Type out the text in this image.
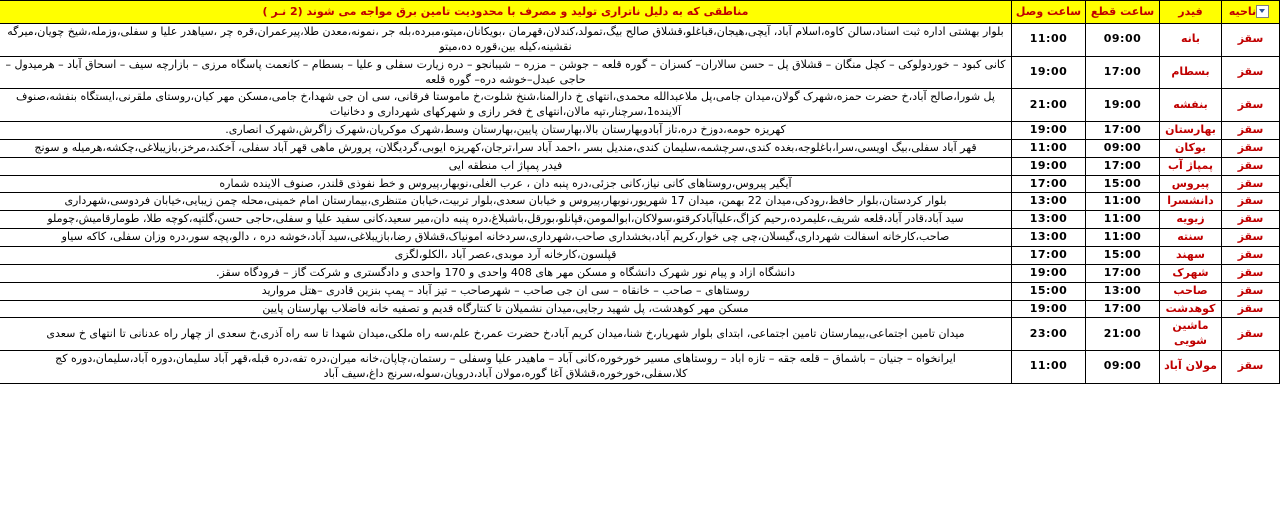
ناحیه	فیدر	ساعت قطع	ساعت وصل	مناطقی که به دلیل ناتراری تولید و مصرف با محدودیت تامین برق مواجه می شوند (2 نـر )
سقز	بانه	09:00	11:00	بلوار بهشتی اداره ثبت اسناد،سالن کاوه،اسلام آباد، آیچی،هیجان،قباغلو،قشلاق صالح بیگ،تمولد،کندلان،قهرمان ،بویکانان،میتو،مبرده،بله جر ،نمونه،معدن طلا،پیرعمران،قره چر ،سیاهدر علیا و سفلی،وزمله،شیخ چویان،میرگه نقشینه،کیله بین،قوره ده،میتو
سقز	بسطام	17:00	19:00	کانی کبود – خوردولوکی – کچل منگان – قشلاق پل – حسن سالاران– کسزان – گوره قلعه – جوشن – مزره – شیبانجو – دره زیارت سفلی و علیا – بسطام – کانعمت پاسگاه مرزی – بازارچه سیف – اسحاق آباد – هرمیدول – حاجی عبدل–خوشه دره– گوره قلعه
سقز	بنفشه	19:00	21:00	پل شورا،صالح آباد،خ حضرت حمزه،شهرک گولان،میدان جامی،پل ملاعبدالله محمدی،انتهای خ دارالمنا،شنخ شلوت،خ ماموستا فرقانی، سی ان جی شهدا،خ جامی،مسکن مهر کیان،روستای ملقرنی،ایستگاه بنفشه،صنوف آلاینده1،سرچنار،تپه مالان،انتهای خ فخر رازی و شهرکهای شهرداری و دخانیات
سقز	بهارستان	17:00	19:00	کهریزه حومه،دوزخ دره،تاز آبادوبهارستان بالا،بهارستان پایین،بهارستان وسط،شهرک موکریان،شهرک زاگرش،شهرک انصاری.
سقز	بوکان	09:00	11:00	قهر آباد سفلی،بیگ اویسی،سرا،باغلوجه،بغده کندی،سرچشمه،سلیمان کندی،مندیل بسر ،احمد آباد سرا،ترجان،کهریزه ایوبی،گردیگلان، پرورش ماهی قهر آباد سفلی، آخکند،مرخز،بازیبلاغی،چکشه،هرمیله و سونج
سقز	پمپاژ آب	17:00	19:00	فیدر پمپاژ اب منطقه ایی
سقز	پیروس	15:00	17:00	آیگیر پیروس،روستاهای کانی نیاز،کانی جزئی،دره پنبه دان ، عرب الغلی،نوبهار،پیروس و خط نفوذی قلندر، صنوف الاینده شماره
سقز	دانشسرا	11:00	13:00	بلوار کردستان،بلوار حافظ،رودکی،میدان 22 بهمن، میدان 17 شهریور،نوبهار،پیروس و خیابان سعدی،بلوار تربیت،خیابان متنظری،بیمارستان امام خمینی،محله چمن زیبایی،خیابان فردوسی،شهرداری
سقز	زیویه	11:00	13:00	سید آباد،قادر آباد،قلعه شریف،علیمرده،رحیم کزاگ،علیاآبادکرقتو،سولاکان،ابوالمومن،قپانلو،بورقل،باشبلاغ،دره پنبه دان،میر سعید،کانی سفید علیا و سفلی،حاجی حسن،گلتپه،کوچه طلا، طومارقامیش،چوملو
سقز	سنته	11:00	13:00	صاحب،کارخانه اسفالت شهرداری،گیسلان،چی چی خوار،کریم آباد،بخشداری صاحب،شهرداری،سردخانه امونیاک،قشلاق رضا،بازیبلاغی،سید آباد،خوشه دره ، دالو،پچه سور،دره وزان سفلی، کاکه سیاو
سقز	سهند	15:00	17:00	قپلسون،کارخانه آرد موبدی،عصر آباد ،الکلو،لگزی
سقز	شهرک	17:00	19:00	دانشگاه ازاد و پیام نور شهرک دانشگاه و مسکن مهر های 408 واحدی و 170 واحدی و دادگستری و شرکت گاز – فرودگاه سقز.
سقز	صاحب	13:00	15:00	روستاهای – صاحب – خانقاه – سی ان جی صاحب – شهرصاحب – تیز آباد – پمپ بنزین قادری –هتل مروارید
سقز	کوهدشت	17:00	19:00	مسکن مهر کوهدشت، پل شهید رجایی،میدان نشمیلان تا کنتارگاه قدیم و تصفیه خانه فاضلاب بهارستان پایین
سقز	ماشین شویی	21:00	23:00	میدان تامین اجتماعی،بیمارستان تامین اجتماعی، ابتدای بلوار شهریار،خ شنا،میدان کریم آباد،خ حضرت عمر،خ علم،سه راه ملکی،میدان شهدا تا سه راه آذری،خ سعدی از چهار راه عدنانی تا انتهای خ سعدی
سقز	مولان آباد	09:00	11:00	ایرانخواه – جنیان – باشماق – قلعه جقه – تازه اباد – روستاهای مسیر خورخوره،کانی آباد – ماهیدر علیا وسفلی – رستمان،چاپان،خانه میران،دره تفه،دره قبله،قهر آباد سلیمان،دوره آباد،سلیمان،دوره کج کلا،سفلی،خورخوره،قشلاق آغا گوره،مولان آباد،درویان،سوله،سرنج داغ،سیف آباد
